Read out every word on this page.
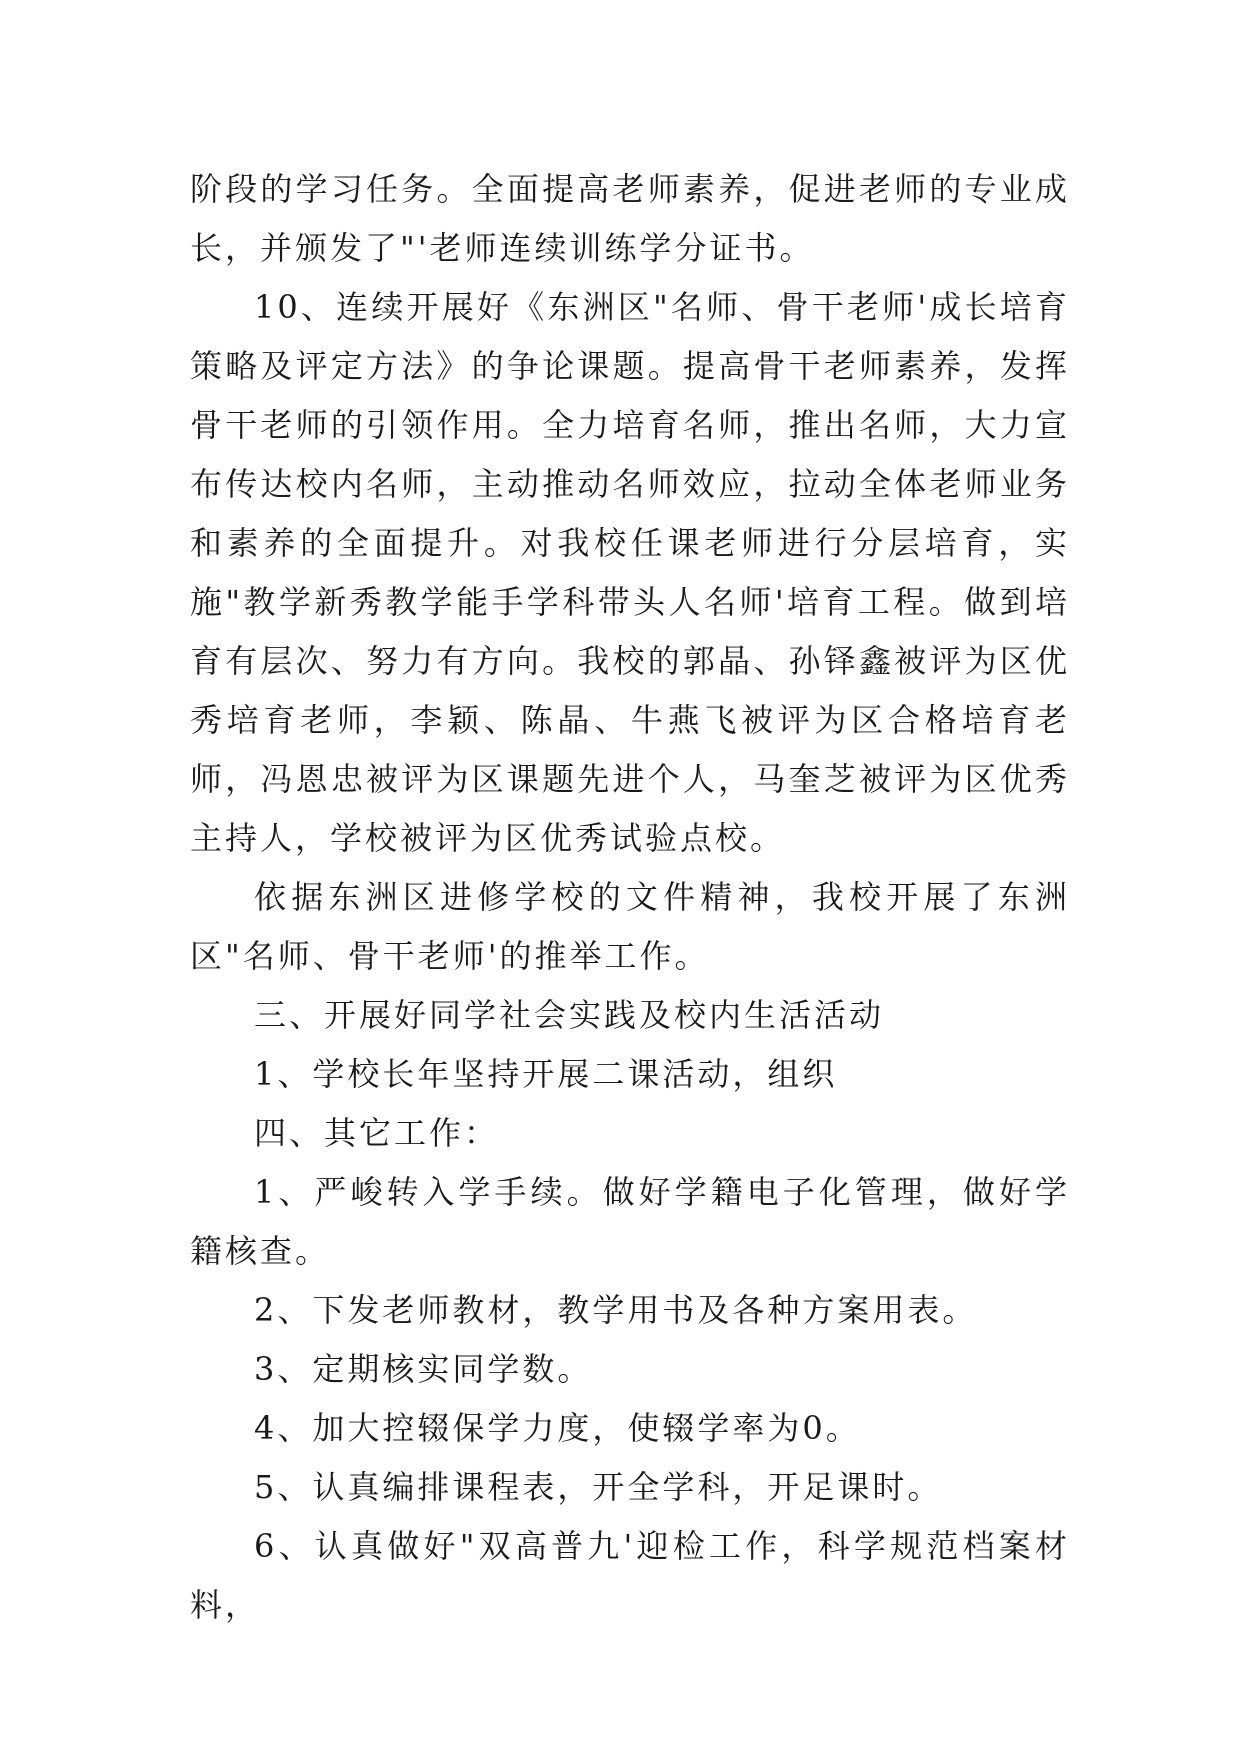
阶段的学习任务。全面提高老师素养，促进老师的专业成长，并颁发了"'老师连续训练学分证书。

10、连续开展好《东洲区"名师、骨干老师'成长培育策略及评定方法》的争论课题。提高骨干老师素养，发挥骨干老师的引领作用。全力培育名师，推出名师，大力宣布传达校内名师，主动推动名师效应，拉动全体老师业务和素养的全面提升。对我校任课老师进行分层培育，实施"教学新秀教学能手学科带头人名师'培育工程。做到培育有层次、努力有方向。我校的郭晶、孙铎鑫被评为区优秀培育老师，李颖、陈晶、牛燕飞被评为区合格培育老师，冯恩忠被评为区课题先进个人，马奎芝被评为区优秀主持人，学校被评为区优秀试验点校。

依据东洲区进修学校的文件精神，我校开展了东洲区"名师、骨干老师'的推举工作。

三、开展好同学社会实践及校内生活活动

1、学校长年坚持开展二课活动，组织

四、其它工作：

1、严峻转入学手续。做好学籍电子化管理，做好学籍核查。

2、下发老师教材，教学用书及各种方案用表。

3、定期核实同学数。

4、加大控辍保学力度，使辍学率为0。

5、认真编排课程表，开全学科，开足课时。

6、认真做好"双高普九'迎检工作，科学规范档案材料，
